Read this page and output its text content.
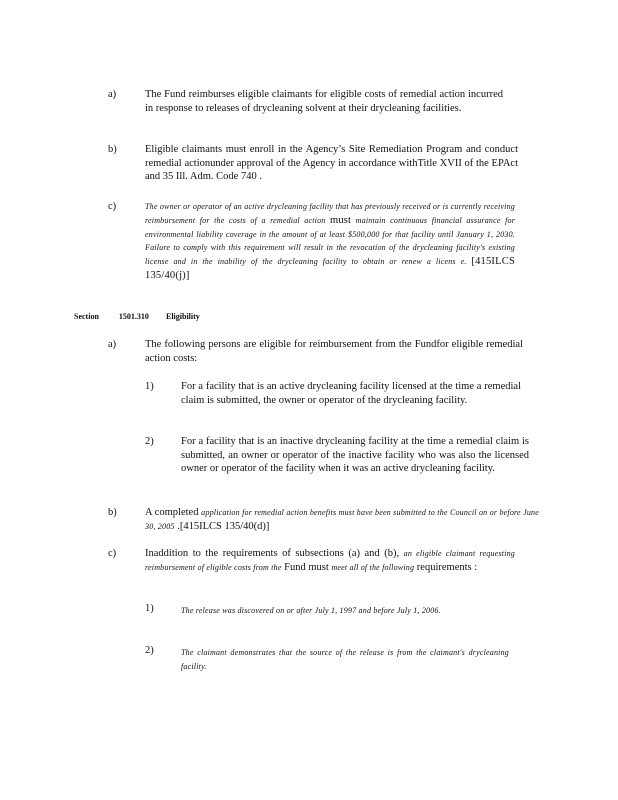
a)	The Fund reimburses eligible claimants for eligible costs of remedial action incurred in response to releases of drycleaning solvent at their drycleaning facilities.
b)	Eligible claimants must enroll in the Agency’s Site Remediation Program and conduct remedial actionunder approval of the Agency in accordance withTitle XVII of the EPAct and 35 Ill. Adm. Code 740 .
c)	The owner or operator of an active drycleaning facility that has previously received or is currently receiving reimbursement for the costs of a remedial action must maintain continuous financial assurance for environmental liability coverage in the amount of at least $500,000 for that facility until January 1, 2030. Failure to comply with this requirement will result in the revocation of the drycleaning facility's existing license and in the inability of the drycleaning facility to obtain or renew a licens e. [415ILCS 135/40(j)]
Section 1501.310 Eligibility
a)	The following persons are eligible for reimbursement from the Fundfor eligible remedial action costs:
1)	For a facility that is an active drycleaning facility licensed at the time a remedial claim is submitted, the owner or operator of the drycleaning facility.
2)	For a facility that is an inactive drycleaning facility at the time a remedial claim is submitted, an owner or operator of the inactive facility who was also the licensed owner or operator of the facility when it was an active drycleaning facility.
b)	A completed application for remedial action benefits must have been submitted to the Council on or before June 30, 2005 .[415ILCS 135/40(d)]
c)	Inaddition to the requirements of subsections (a) and (b), an eligible claimant requesting reimbursement of eligible costs from the Fund must meet all of the following requirements :
1)	The release was discovered on or after July 1, 1997 and before July 1, 2006.
2)	The claimant demonstrates that the source of the release is from the claimant's drycleaning facility.
